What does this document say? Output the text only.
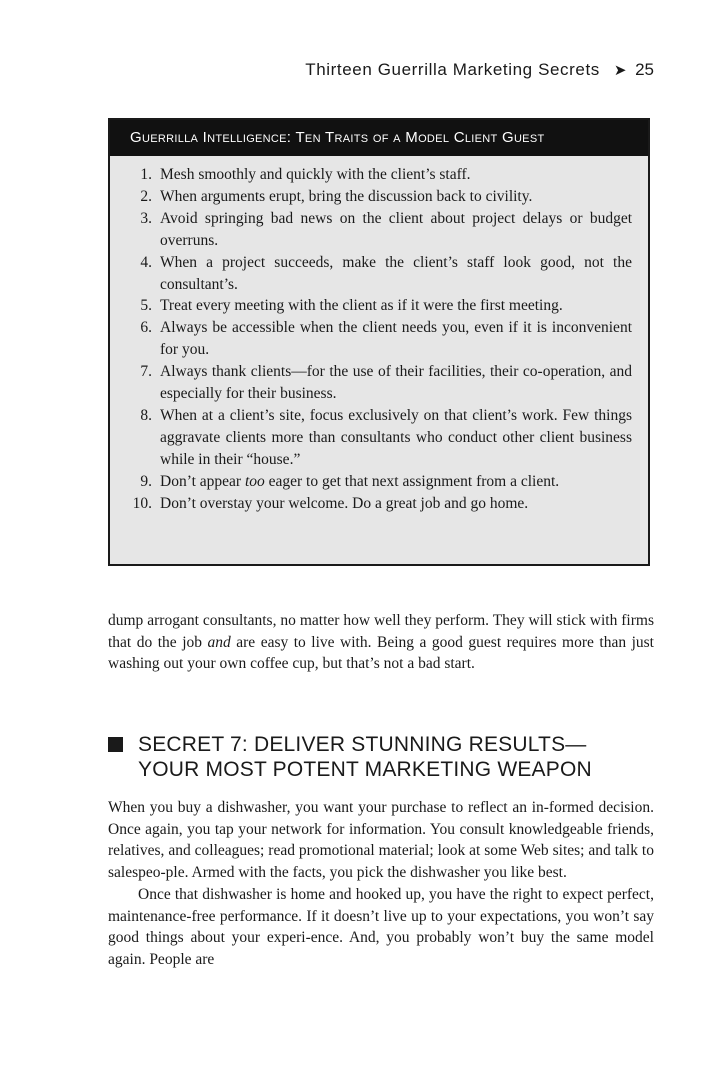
Thirteen Guerrilla Marketing Secrets ➤ 25
Guerrilla Intelligence: Ten Traits of a Model Client Guest
1. Mesh smoothly and quickly with the client’s staff.
2. When arguments erupt, bring the discussion back to civility.
3. Avoid springing bad news on the client about project delays or budget overruns.
4. When a project succeeds, make the client’s staff look good, not the consultant’s.
5. Treat every meeting with the client as if it were the first meeting.
6. Always be accessible when the client needs you, even if it is inconvenient for you.
7. Always thank clients—for the use of their facilities, their co-operation, and especially for their business.
8. When at a client’s site, focus exclusively on that client’s work. Few things aggravate clients more than consultants who conduct other client business while in their “house.”
9. Don’t appear too eager to get that next assignment from a client.
10. Don’t overstay your welcome. Do a great job and go home.

dump arrogant consultants, no matter how well they perform. They will stick with firms that do the job and are easy to live with. Being a good guest requires more than just washing out your own coffee cup, but that’s not a bad start.

SECRET 7: DELIVER STUNNING RESULTS—
YOUR MOST POTENT MARKETING WEAPON

When you buy a dishwasher, you want your purchase to reflect an in-formed decision. Once again, you tap your network for information. You consult knowledgeable friends, relatives, and colleagues; read promotional material; look at some Web sites; and talk to salespeo-ple. Armed with the facts, you pick the dishwasher you like best.

Once that dishwasher is home and hooked up, you have the right to expect perfect, maintenance-free performance. If it doesn’t live up to your expectations, you won’t say good things about your experi-ence. And, you probably won’t buy the same model again. People are
